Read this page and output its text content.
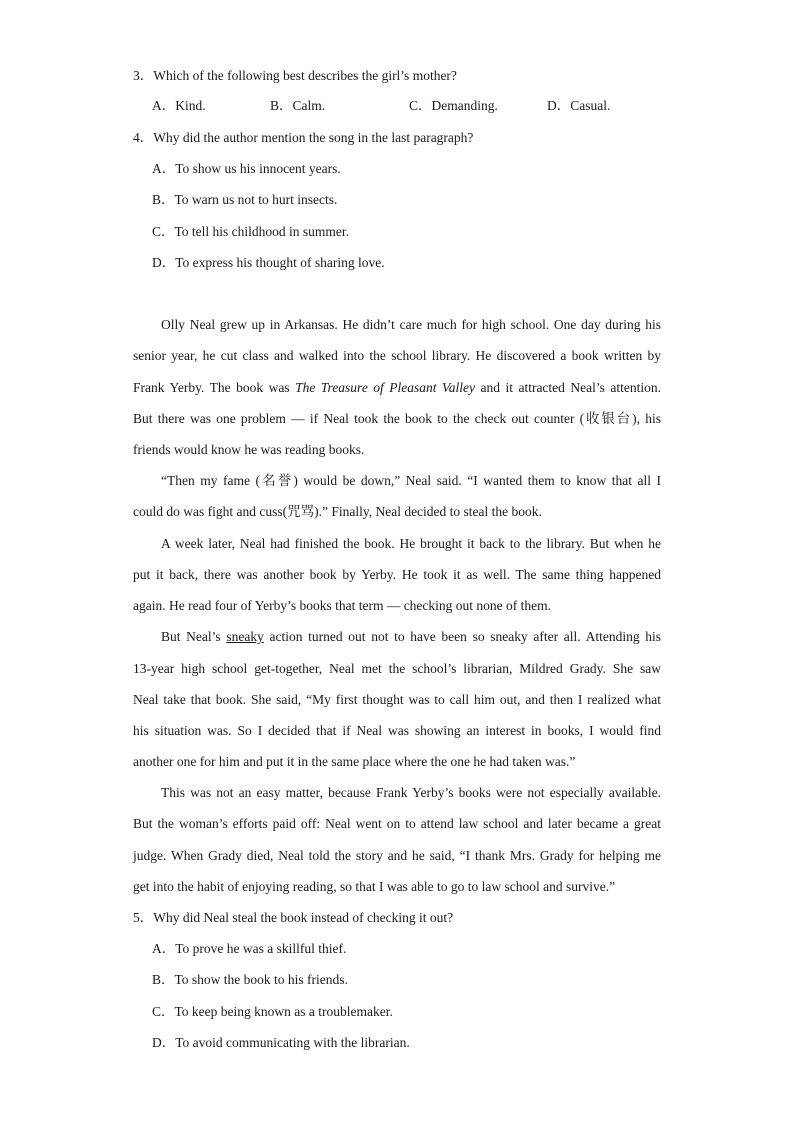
3．Which of the following best describes the girl’s mother?
A．Kind.	B．Calm.	C．Demanding.	D．Casual.
4．Why did the author mention the song in the last paragraph?
A．To show us his innocent years.
B．To warn us not to hurt insects.
C．To tell his childhood in summer.
D．To express his thought of sharing love.
Olly Neal grew up in Arkansas. He didn’t care much for high school. One day during his
senior year, he cut class and walked into the school library. He discovered a book written by
Frank Yerby. The book was The Treasure of Pleasant Valley and it attracted Neal’s attention.
But there was one problem — if Neal took the book to the check out counter (收银台), his
friends would know he was reading books.
“Then my fame (名誉) would be down,” Neal said. “I wanted them to know that all I
could do was fight and cuss(咒骂).” Finally, Neal decided to steal the book.
A week later, Neal had finished the book. He brought it back to the library. But when he
put it back, there was another book by Yerby. He took it as well. The same thing happened
again. He read four of Yerby’s books that term — checking out none of them.
But Neal’s sneaky action turned out not to have been so sneaky after all. Attending his
13-year high school get-together, Neal met the school’s librarian, Mildred Grady. She saw
Neal take that book. She said, “My first thought was to call him out, and then I realized what
his situation was. So I decided that if Neal was showing an interest in books, I would find
another one for him and put it in the same place where the one he had taken was.”
This was not an easy matter, because Frank Yerby’s books were not especially available.
But the woman’s efforts paid off: Neal went on to attend law school and later became a great
judge. When Grady died, Neal told the story and he said, “I thank Mrs. Grady for helping me
get into the habit of enjoying reading, so that I was able to go to law school and survive.”
5．Why did Neal steal the book instead of checking it out?
A．To prove he was a skillful thief.
B．To show the book to his friends.
C．To keep being known as a troublemaker.
D．To avoid communicating with the librarian.
